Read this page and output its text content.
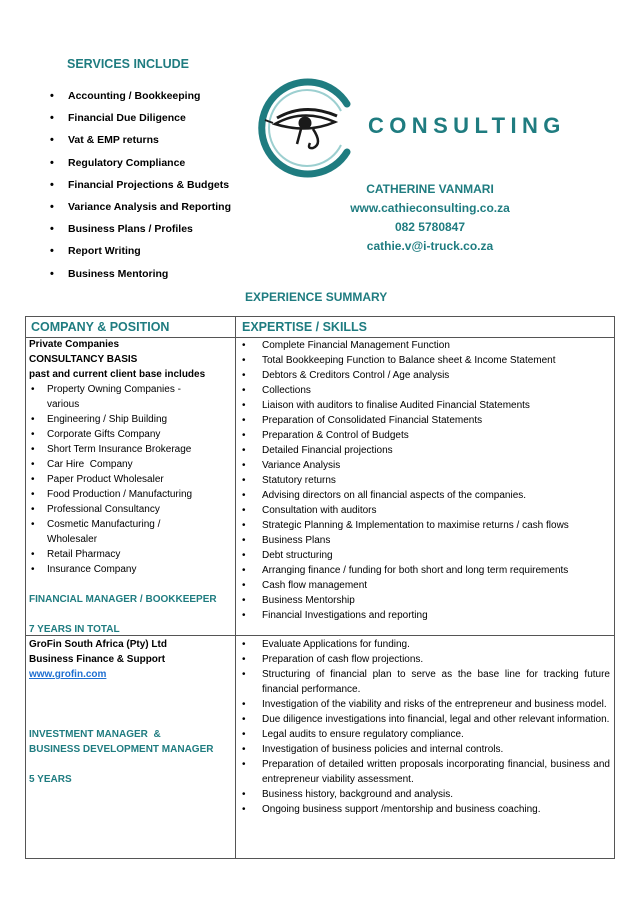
SERVICES INCLUDE
• Accounting / Bookkeeping
• Financial Due Diligence
• Vat & EMP returns
• Regulatory Compliance
• Financial Projections & Budgets
• Variance Analysis and Reporting
• Business Plans / Profiles
• Report Writing
• Business Mentoring
CONSULTING
CATHERINE VANMARI
www.cathieconsulting.co.za
082 5780847
cathie.v@i-truck.co.za
EXPERIENCE SUMMARY
COMPANY & POSITION	EXPERTISE / SKILLS
Private Companies
CONSULTANCY BASIS
past and current client base includes
• Property Owning Companies - various
• Engineering / Ship Building
• Corporate Gifts Company
• Short Term Insurance Brokerage
• Car Hire  Company
• Paper Product Wholesaler
• Food Production / Manufacturing
• Professional Consultancy
• Cosmetic Manufacturing / Wholesaler
• Retail Pharmacy
• Insurance Company
FINANCIAL MANAGER / BOOKKEEPER
7 YEARS IN TOTAL
• Complete Financial Management Function
• Total Bookkeeping Function to Balance sheet & Income Statement
• Debtors & Creditors Control / Age analysis
• Collections
• Liaison with auditors to finalise Audited Financial Statements
• Preparation of Consolidated Financial Statements
• Preparation & Control of Budgets
• Detailed Financial projections
• Variance Analysis
• Statutory returns
• Advising directors on all financial aspects of the companies.
• Consultation with auditors
• Strategic Planning & Implementation to maximise returns / cash flows
• Business Plans
• Debt structuring
• Arranging finance / funding for both short and long term requirements
• Cash flow management
• Business Mentorship
• Financial Investigations and reporting
GroFin South Africa (Pty) Ltd
Business Finance & Support
www.grofin.com
INVESTMENT MANAGER  &
BUSINESS DEVELOPMENT MANAGER
5 YEARS
• Evaluate Applications for funding.
• Preparation of cash flow projections.
• Structuring of financial plan to serve as the base line for tracking future financial performance.
• Investigation of the viability and risks of the entrepreneur and business model.
• Due diligence investigations into financial, legal and other relevant information.
• Legal audits to ensure regulatory compliance.
• Investigation of business policies and internal controls.
• Preparation of detailed written proposals incorporating financial, business and entrepreneur viability assessment.
• Business history, background and analysis.
• Ongoing business support /mentorship and business coaching.
